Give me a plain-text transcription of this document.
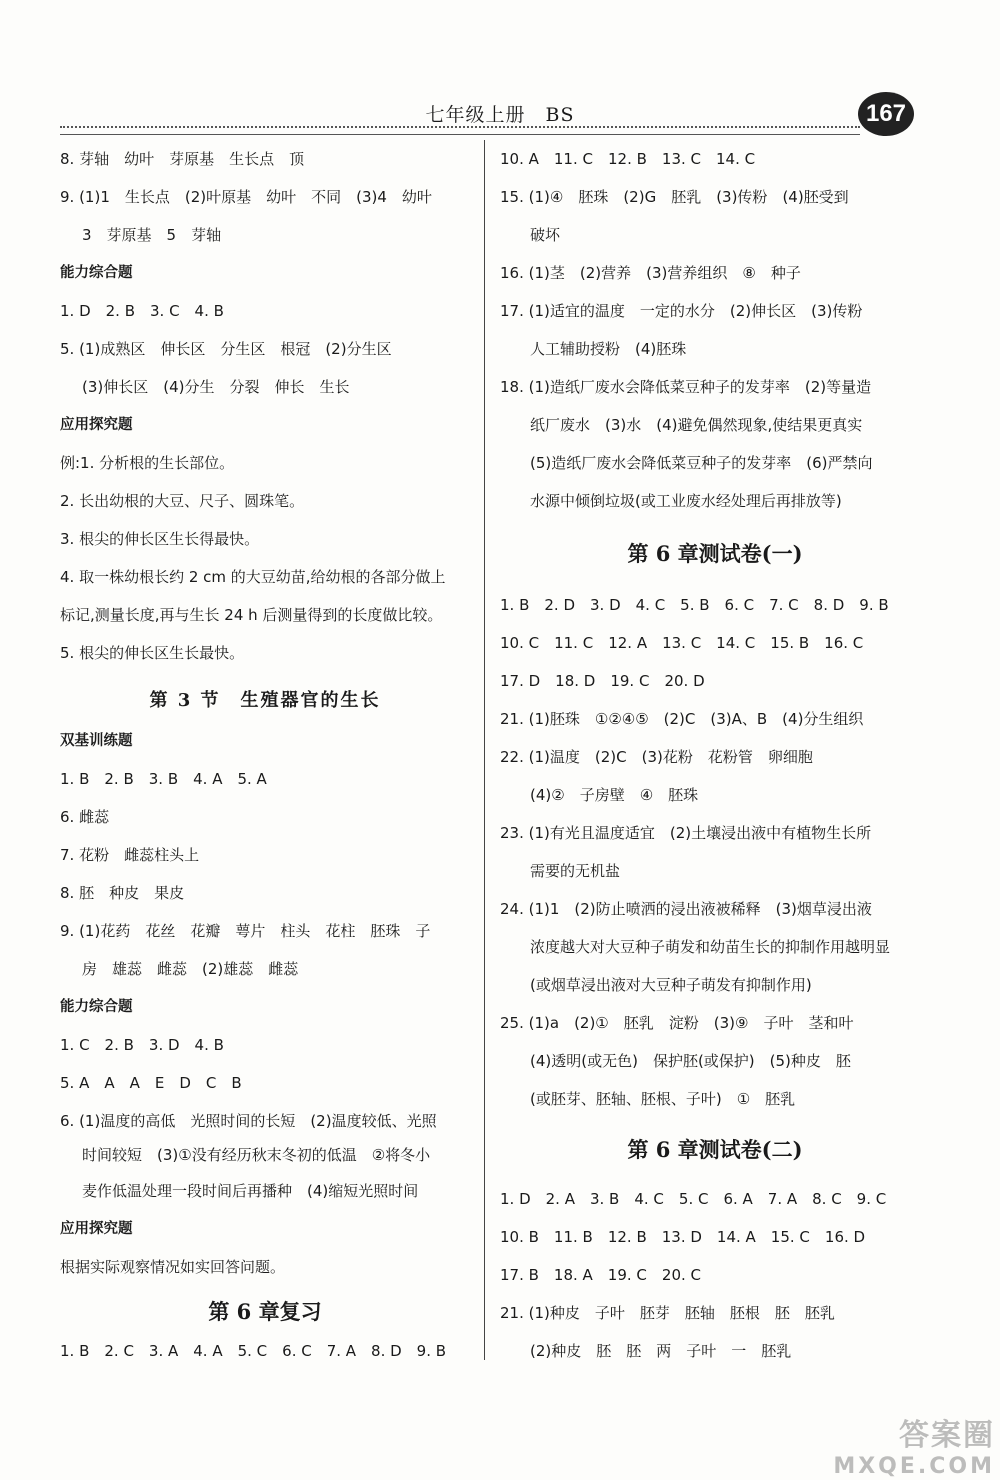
七年级上册　BS	167
8. 芽轴　幼叶　芽原基　生长点　顶
9. (1)1　生长点　(2)叶原基　幼叶　不同　(3)4　幼叶
3　芽原基　5　芽轴
能力综合题
1. D　2. B　3. C　4. B
5. (1)成熟区　伸长区　分生区　根冠　(2)分生区
(3)伸长区　(4)分生　分裂　伸长　生长
应用探究题
例:1. 分析根的生长部位。
2. 长出幼根的大豆、尺子、圆珠笔。
3. 根尖的伸长区生长得最快。
4. 取一株幼根长约 2 cm 的大豆幼苗,给幼根的各部分做上
标记,测量长度,再与生长 24 h 后测量得到的长度做比较。
5. 根尖的伸长区生长最快。
第 3 节　生殖器官的生长
双基训练题
1. B　2. B　3. B　4. A　5. A
6. 雌蕊
7. 花粉　雌蕊柱头上
8. 胚　种皮　果皮
9. (1)花药　花丝　花瓣　萼片　柱头　花柱　胚珠　子
房　雄蕊　雌蕊　(2)雄蕊　雌蕊
能力综合题
1. C　2. B　3. D　4. B
5. A　A　A　E　D　C　B
6. (1)温度的高低　光照时间的长短　(2)温度较低、光照
时间较短　(3)①没有经历秋末冬初的低温　②将冬小
麦作低温处理一段时间后再播种　(4)缩短光照时间
应用探究题
根据实际观察情况如实回答问题。
第 6 章复习
1. B　2. C　3. A　4. A　5. C　6. C　7. A　8. D　9. B
10. A　11. C　12. B　13. C　14. C
15. (1)④　胚珠　(2)G　胚乳　(3)传粉　(4)胚受到
破坏
16. (1)茎　(2)营养　(3)营养组织　⑧　种子
17. (1)适宜的温度　一定的水分　(2)伸长区　(3)传粉
人工辅助授粉　(4)胚珠
18. (1)造纸厂废水会降低菜豆种子的发芽率　(2)等量造
纸厂废水　(3)水　(4)避免偶然现象,使结果更真实
(5)造纸厂废水会降低菜豆种子的发芽率　(6)严禁向
水源中倾倒垃圾(或工业废水经处理后再排放等)
第 6 章测试卷(一)
1. B　2. D　3. D　4. C　5. B　6. C　7. C　8. D　9. B
10. C　11. C　12. A　13. C　14. C　15. B　16. C
17. D　18. D　19. C　20. D
21. (1)胚珠　①②④⑤　(2)C　(3)A、B　(4)分生组织
22. (1)温度　(2)C　(3)花粉　花粉管　卵细胞
(4)②　子房壁　④　胚珠
23. (1)有光且温度适宜　(2)土壤浸出液中有植物生长所
需要的无机盐
24. (1)1　(2)防止喷洒的浸出液被稀释　(3)烟草浸出液
浓度越大对大豆种子萌发和幼苗生长的抑制作用越明显
(或烟草浸出液对大豆种子萌发有抑制作用)
25. (1)a　(2)①　胚乳　淀粉　(3)⑨　子叶　茎和叶
(4)透明(或无色)　保护胚(或保护)　(5)种皮　胚
(或胚芽、胚轴、胚根、子叶)　①　胚乳
第 6 章测试卷(二)
1. D　2. A　3. B　4. C　5. C　6. A　7. A　8. C　9. C
10. B　11. B　12. B　13. D　14. A　15. C　16. D
17. B　18. A　19. C　20. C
21. (1)种皮　子叶　胚芽　胚轴　胚根　胚　胚乳
(2)种皮　胚　胚　两　子叶　一　胚乳
答案圈
MXQE.COM
